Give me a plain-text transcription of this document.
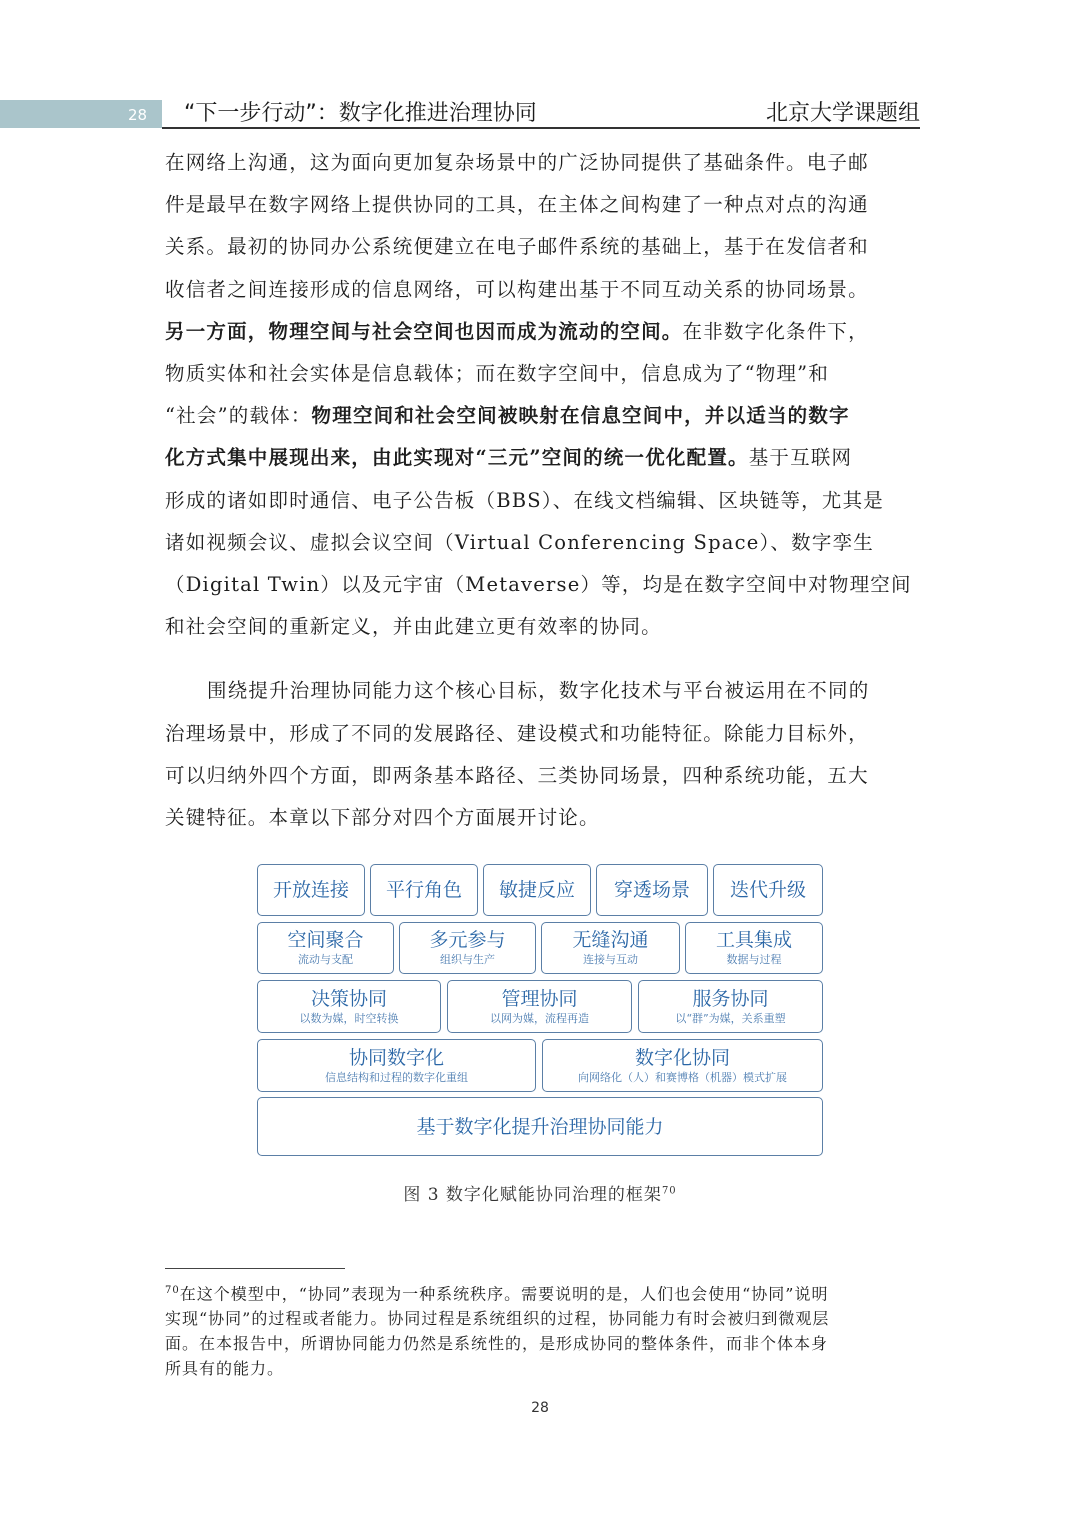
28 “下一步行动”：数字化推进治理协同	北京大学课题组
在网络上沟通，这为面向更加复杂场景中的广泛协同提供了基础条件。电子邮
件是最早在数字网络上提供协同的工具，在主体之间构建了一种点对点的沟通
关系。最初的协同办公系统便建立在电子邮件系统的基础上，基于在发信者和
收信者之间连接形成的信息网络，可以构建出基于不同互动关系的协同场景。
另一方面，物理空间与社会空间也因而成为流动的空间。在非数字化条件下，
物质实体和社会实体是信息载体；而在数字空间中，信息成为了“物理”和
“社会”的载体：物理空间和社会空间被映射在信息空间中，并以适当的数字
化方式集中展现出来，由此实现对“三元”空间的统一优化配置。基于互联网
形成的诸如即时通信、电子公告板（BBS）、在线文档编辑、区块链等，尤其是
诸如视频会议、虚拟会议空间（Virtual Conferencing Space）、数字孪生
（Digital Twin）以及元宇宙（Metaverse）等，均是在数字空间中对物理空间
和社会空间的重新定义，并由此建立更有效率的协同。
围绕提升治理协同能力这个核心目标，数字化技术与平台被运用在不同的
治理场景中，形成了不同的发展路径、建设模式和功能特征。除能力目标外，
可以归纳外四个方面，即两条基本路径、三类协同场景，四种系统功能，五大
关键特征。本章以下部分对四个方面展开讨论。
开放连接 平行角色 敏捷反应 穿透场景 迭代升级
空间聚合
流动与支配
多元参与
组织与生产
无缝沟通
连接与互动
工具集成
数据与过程
决策协同
以数为媒，时空转换
管理协同
以网为媒，流程再造
服务协同
以“群”为媒，关系重塑
协同数字化
信息结构和过程的数字化重组
数字化协同
向网络化（人）和赛博格（机器）模式扩展
基于数字化提升治理协同能力
图 3 数字化赋能协同治理的框架$^{70}$
$^{70}$在这个模型中，“协同”表现为一种系统秩序。需要说明的是，人们也会使用“协同”说明
实现“协同”的过程或者能力。协同过程是系统组织的过程，协同能力有时会被归到微观层
面。在本报告中，所谓协同能力仍然是系统性的，是形成协同的整体条件，而非个体本身
所具有的能力。
28
